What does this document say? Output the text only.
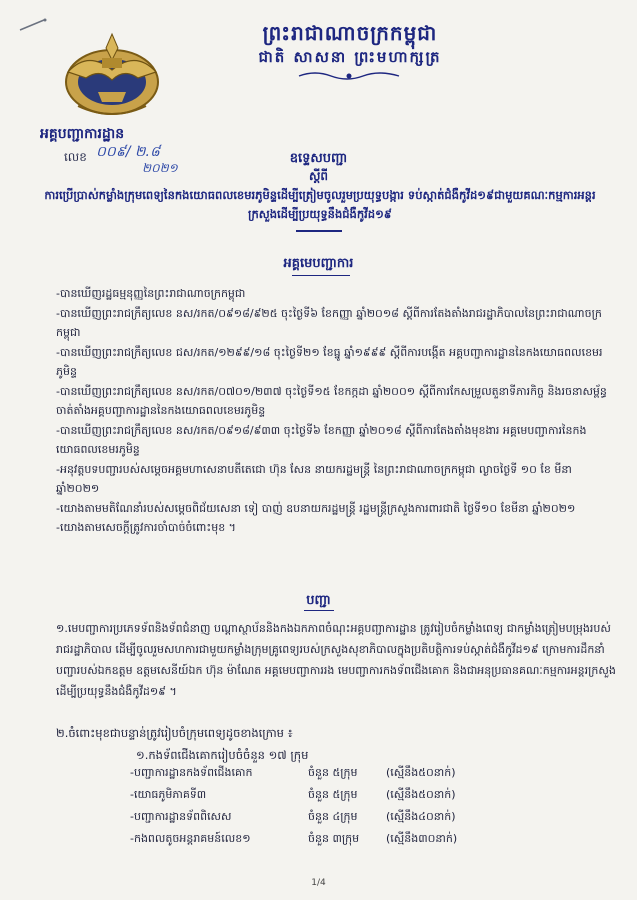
ព្រះរាជាណាចក្រកម្ពុជា
ជាតិ សាសនា ព្រះមហាក្សត្រ
អគ្គបញ្ជាការដ្ឋាន
លេខ ០០៩/ ២.៨
២០២១
ឧទ្ទេសបញ្ជា
ស្តីពី
ការប្រើប្រាស់កម្លាំងក្រុមពេទ្យនៃកងយោធពលខេមរភូមិន្ទដើម្បីត្រៀមចូលរួមប្រយុទ្ធបង្ការ ទប់ស្កាត់ជំងឺកូវីដ១៩ជាមួយគណៈកម្មការអន្តរក្រសួងដើម្បីប្រយុទ្ធនឹងជំងឺកូវីដ១៩
អគ្គមេបញ្ជាការ
-បានឃើញរដ្ឋធម្មនុញ្ញនៃព្រះរាជាណាចក្រកម្ពុជា
-បានឃើញព្រះរាជក្រឹត្យលេខ នស/រកត/០៩១៨/៩២៥ ចុះថ្ងៃទី៦ ខែកញ្ញា ឆ្នាំ២០១៨ ស្តីពីការតែងតាំងរាជរដ្ឋាភិបាលនៃព្រះរាជាណាចក្រកម្ពុជា
-បានឃើញព្រះរាជក្រឹត្យលេខ ជស/រកត/១២៩៩/១៨ ចុះថ្ងៃទី២១ ខែធ្នូ ឆ្នាំ១៩៩៩ ស្តីពីការបង្កើត អគ្គបញ្ជាការដ្ឋាននៃកងយោធពលខេមរភូមិន្ទ
-បានឃើញព្រះរាជក្រឹត្យលេខ នស/រកត/០៧០១/២៣៧ ចុះថ្ងៃទី១៥ ខែកក្កដា ឆ្នាំ២០០១ ស្តីពីការកែសម្រួលតួនាទីភារកិច្ច និងរចនាសម្ព័ន្ធចាត់តាំងអគ្គបញ្ជាការដ្ឋាននៃកងយោធពលខេមរភូមិន្ទ
-បានឃើញព្រះរាជក្រឹត្យលេខ នស/រកត/០៩១៨/៩៣៣ ចុះថ្ងៃទី៦ ខែកញ្ញា ឆ្នាំ២០១៨ ស្តីពីការតែងតាំងមុខងារ អគ្គមេបញ្ជាការនៃកងយោធពលខេមរភូមិន្ទ
-អនុវត្តបទបញ្ជារបស់សម្តេចអគ្គមហាសេនាបតីតេជោ ហ៊ុន សែន នាយករដ្ឋមន្ត្រី នៃព្រះរាជាណាចក្រកម្ពុជា ល្ងាចថ្ងៃទី ១០ ខែ មីនា ឆ្នាំ២០២១
-យោងតាមមតិណែនាំរបស់សម្តេចពិជ័យសេនា ទៀ បាញ់ ឧបនាយករដ្ឋមន្ត្រី រដ្ឋមន្ត្រីក្រសួងការពារជាតិ ថ្ងៃទី១០ ខែមីនា ឆ្នាំ២០២១
-យោងតាមសេចក្តីត្រូវការចាំបាច់ចំពោះមុខ ។
បញ្ជា
១.មេបញ្ជាការប្រភេទទ័ពនិងទ័ពជំនាញ បណ្តាស្ថាប័ននិងកងឯកភាពចំណុះអគ្គបញ្ជាការដ្ឋាន ត្រូវរៀបចំកម្លាំងពេទ្យ ជាកម្លាំងត្រៀមបម្រុងរបស់រាជរដ្ឋាភិបាល ដើម្បីចូលរួមសហការជាមួយកម្លាំងក្រុមគ្រូពេទ្យរបស់ក្រសួងសុខាភិបាលក្នុងប្រតិបត្តិការទប់ស្កាត់ជំងឺកូវីដ១៩ ក្រោមការដឹកនាំបញ្ជារបស់ឯកឧត្តម ឧត្តមសេនីយ៍ឯក ហ៊ុន ម៉ាណែត អគ្គមេបញ្ជាការរង មេបញ្ជាការកងទ័ពជើងគោក និងជាអនុប្រធានគណៈកម្មការអន្តរក្រសួង ដើម្បីប្រយុទ្ធនឹងជំងឺកូវីដ១៩ ។
២.ចំពោះមុខជាបន្ទាន់ត្រូវរៀបចំក្រុមពេទ្យដូចខាងក្រោម ៖
១.កងទ័ពជើងគោករៀបចំចំនួន ១៧ ក្រុម
-បញ្ជាការដ្ឋានកងទ័ពជើងគោក	ចំនួន ៥ក្រុម	(ស្មើនឹង៥០នាក់)
-យោធភូមិភាគទី៣	ចំនួន ៥ក្រុម	(ស្មើនឹង៥០នាក់)
-បញ្ជាការដ្ឋានទ័ពពិសេស	ចំនួន ៤ក្រុម	(ស្មើនឹង៤០នាក់)
-កងពលតូចអន្តរាគមន៍លេខ១	ចំនួន ៣ក្រុម (ស្មើនឹង៣០នាក់)
1/4
